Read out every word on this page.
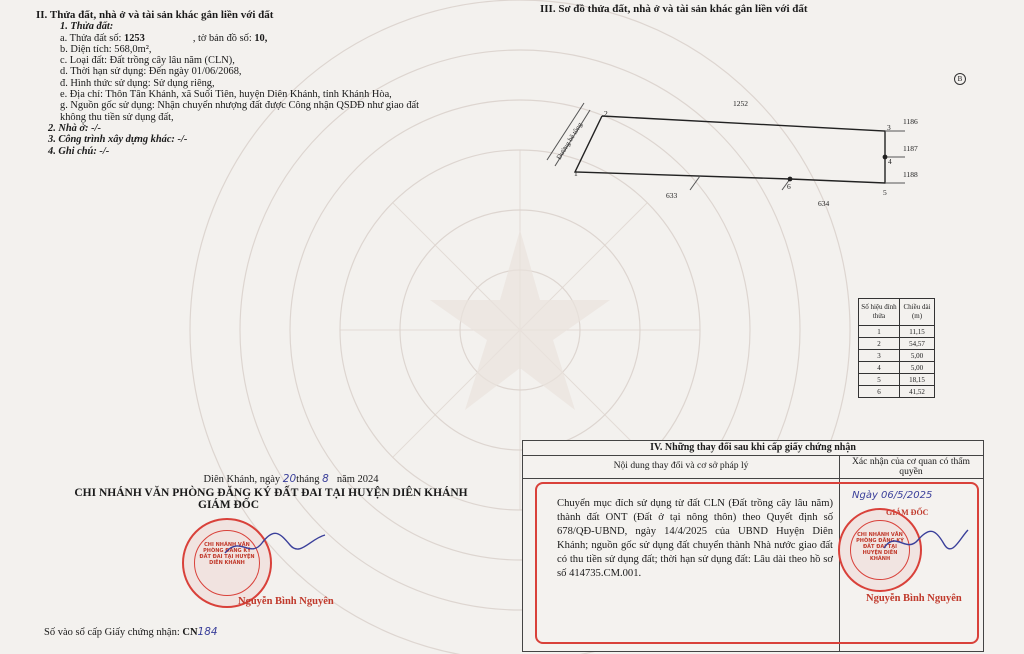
II. Thửa đất, nhà ở và tài sản khác gắn liền với đất
1. Thửa đất:
a. Thửa đất số: 1253	, tờ bản đồ số: 10,
b. Diện tích: 568,0m²,
c. Loại đất: Đất trồng cây lâu năm (CLN),
d. Thời hạn sử dụng: Đến ngày 01/06/2068,
đ. Hình thức sử dụng: Sử dụng riêng,
e. Địa chỉ: Thôn Tân Khánh, xã Suối Tiên, huyện Diên Khánh, tỉnh Khánh Hòa,
g. Nguồn gốc sử dụng: Nhận chuyển nhượng đất được Công nhận QSDĐ như giao đất
không thu tiền sử dụng đất,
2. Nhà ở: -/-
3. Công trình xây dựng khác: -/-
4. Ghi chú: -/-
III. Sơ đồ thửa đất, nhà ở và tài sản khác gắn liền với đất
B
Đường bê tông
1252
633
634
1186
1187
1188
1
2
3
4
5
6
Số hiệu đỉnh thửa	Chiều dài (m)
1	11,15
2	54,57
3	5,00
4	5,00
5	18,15
6	41,52
Diên Khánh, ngày 20tháng 8 năm 2024
CHI NHÁNH VĂN PHÒNG ĐĂNG KÝ ĐẤT ĐAI TẠI HUYỆN DIÊN KHÁNH
GIÁM ĐỐC
CHI NHÁNH VĂN PHÒNG ĐĂNG KÝ ĐẤT ĐAI TẠI HUYỆN DIÊN KHÁNH
Nguyễn Bình Nguyên
Số vào sổ cấp Giấy chứng nhận: CN184
IV. Những thay đổi sau khi cấp giấy chứng nhận
Nội dung thay đổi và cơ sở pháp lý	Xác nhận của cơ quan có thẩm quyền
Chuyển mục đích sử dụng từ đất CLN (Đất trồng cây lâu năm) thành đất ONT (Đất ở tại nông thôn) theo Quyết định số 678/QĐ-UBND, ngày 14/4/2025 của UBND Huyện Diên Khánh; nguồn gốc sử dụng đất chuyển thành Nhà nước giao đất có thu tiền sử dụng đất; thời hạn sử dụng đất: Lâu dài theo hồ sơ số 414735.CM.001.
Ngày 06/5/2025
GIÁM ĐỐC
CHI NHÁNH VĂN PHÒNG ĐĂNG KÝ ĐẤT ĐAI TẠI HUYỆN DIÊN KHÁNH
Nguyễn Bình Nguyên
